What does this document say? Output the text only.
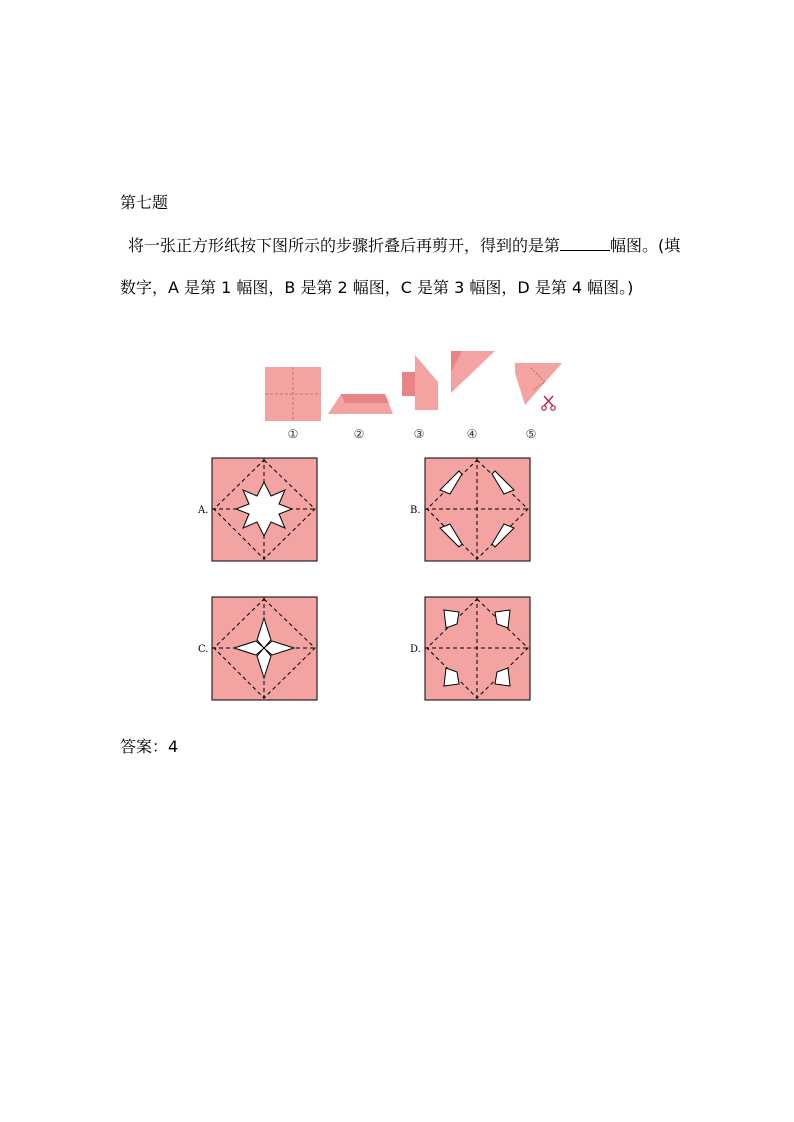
第七题
将一张正方形纸按下图所示的步骤折叠后再剪开，得到的是第	幅图。(填
数字，A 是第 1 幅图，B 是第 2 幅图，C 是第 3 幅图，D 是第 4 幅图。)
①	②	③	④	⑤
A.	B.
C.	D.
答案：4
